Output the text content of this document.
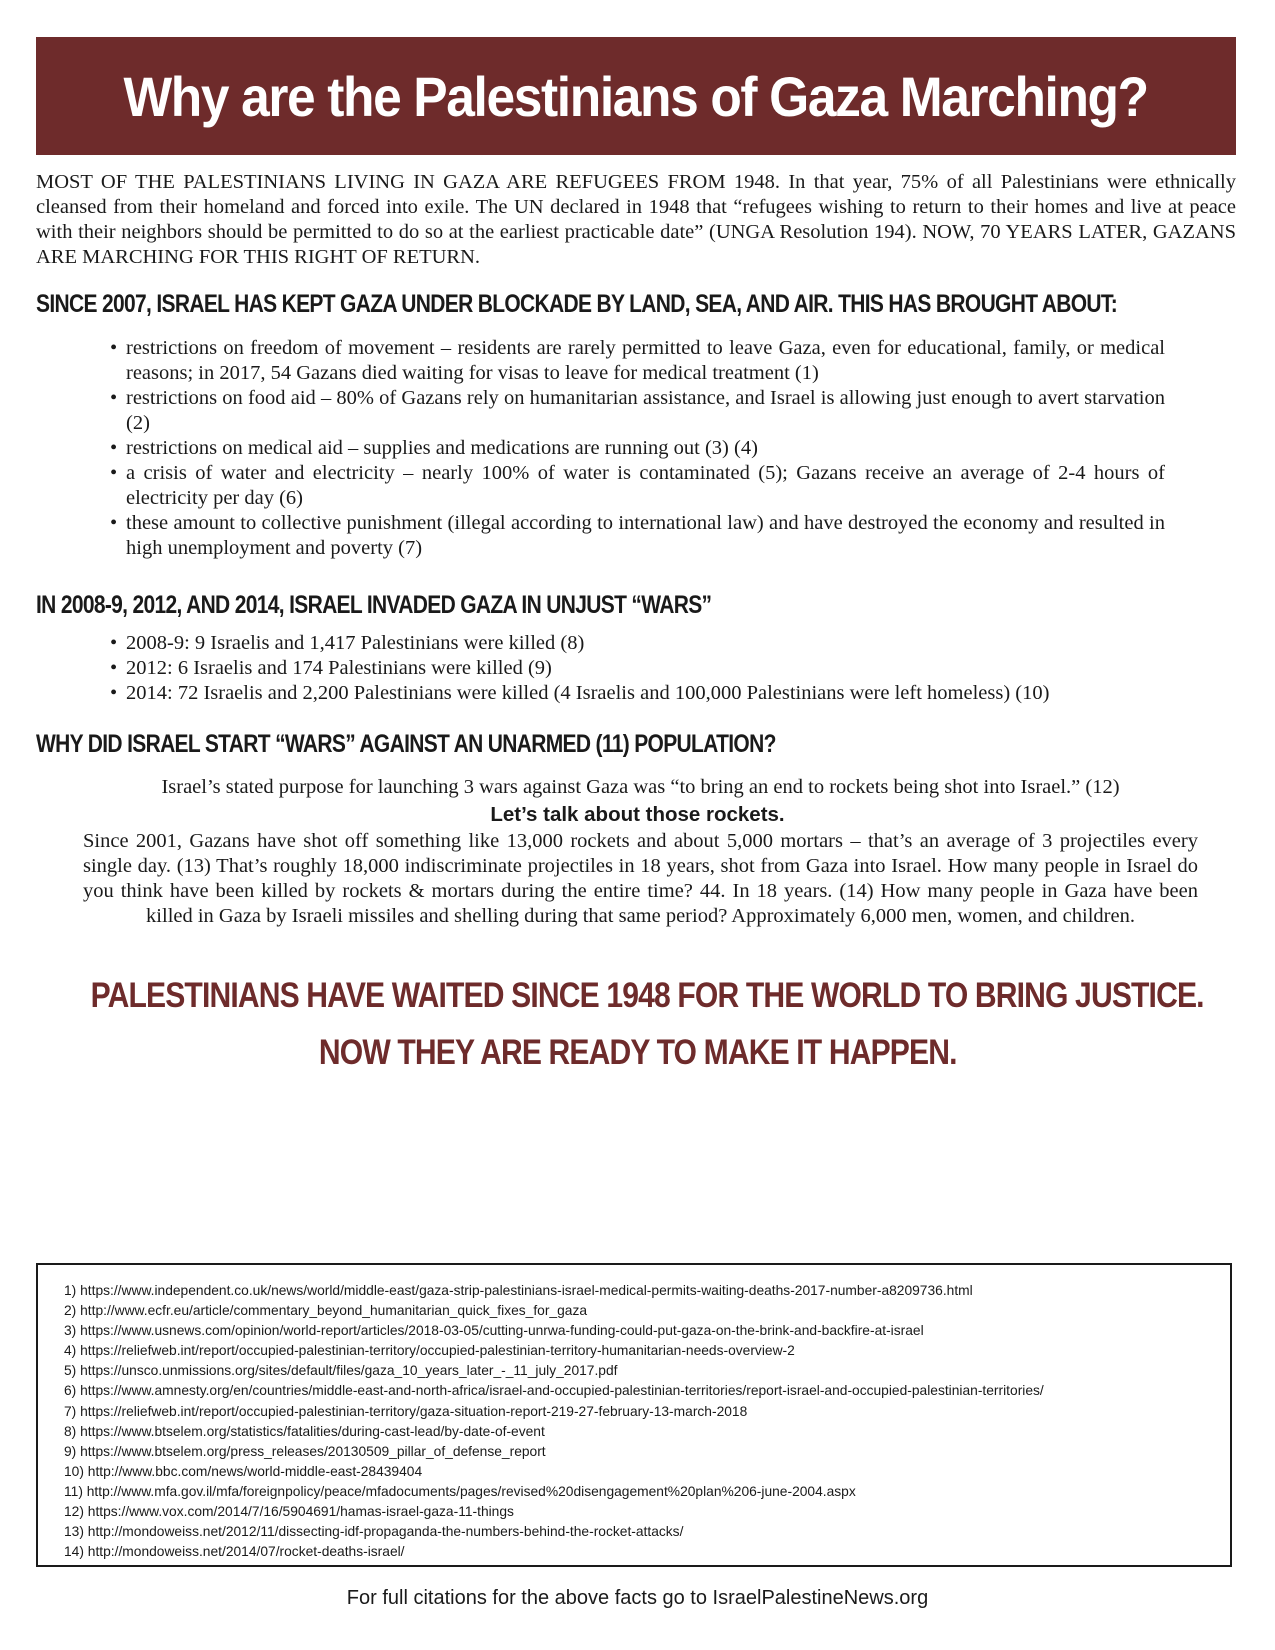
Why are the Palestinians of Gaza Marching?

MOST OF THE PALESTINIANS LIVING IN GAZA ARE REFUGEES FROM 1948. In that year, 75% of all Palestinians were ethnically cleansed from their homeland and forced into exile. The UN declared in 1948 that “refugees wishing to return to their homes and live at peace with their neighbors should be permitted to do so at the earliest practicable date” (UNGA Resolution 194). NOW, 70 YEARS LATER, GAZANS ARE MARCHING FOR THIS RIGHT OF RETURN.

SINCE 2007, ISRAEL HAS KEPT GAZA UNDER BLOCKADE BY LAND, SEA, AND AIR. THIS HAS BROUGHT ABOUT:
• restrictions on freedom of movement – residents are rarely permitted to leave Gaza, even for educational, family, or medical reasons; in 2017, 54 Gazans died waiting for visas to leave for medical treatment (1)
• restrictions on food aid – 80% of Gazans rely on humanitarian assistance, and Israel is allowing just enough to avert starvation (2)
• restrictions on medical aid – supplies and medications are running out (3) (4)
• a crisis of water and electricity – nearly 100% of water is contaminated (5); Gazans receive an average of 2-4 hours of electricity per day (6)
• these amount to collective punishment (illegal according to international law) and have destroyed the economy and resulted in high unemployment and poverty (7)
IN 2008-9, 2012, AND 2014, ISRAEL INVADED GAZA IN UNJUST “WARS”
• 2008-9: 9 Israelis and 1,417 Palestinians were killed (8)
• 2012: 6 Israelis and 174 Palestinians were killed (9)
• 2014: 72 Israelis and 2,200 Palestinians were killed (4 Israelis and 100,000 Palestinians were left homeless) (10)
WHY DID ISRAEL START “WARS” AGAINST AN UNARMED (11) POPULATION?

Israel’s stated purpose for launching 3 wars against Gaza was “to bring an end to rockets being shot into Israel.” (12)

Let’s talk about those rockets.

Since 2001, Gazans have shot off something like 13,000 rockets and about 5,000 mortars – that’s an average of 3 projectiles every single day. (13) That’s roughly 18,000 indiscriminate projectiles in 18 years, shot from Gaza into Israel. How many people in Israel do you think have been killed by rockets & mortars during the entire time? 44. In 18 years. (14) How many people in Gaza have been killed in Gaza by Israeli missiles and shelling during that same period? Approximately 6,000 men, women, and children.

PALESTINIANS HAVE WAITED SINCE 1948 FOR THE WORLD TO BRING JUSTICE.

NOW THEY ARE READY TO MAKE IT HAPPEN.

1) https://www.independent.co.uk/news/world/middle-east/gaza-strip-palestinians-israel-medical-permits-waiting-deaths-2017-number-a8209736.html
2) http://www.ecfr.eu/article/commentary_beyond_humanitarian_quick_fixes_for_gaza
3) https://www.usnews.com/opinion/world-report/articles/2018-03-05/cutting-unrwa-funding-could-put-gaza-on-the-brink-and-backfire-at-israel
4) https://reliefweb.int/report/occupied-palestinian-territory/occupied-palestinian-territory-humanitarian-needs-overview-2
5) https://unsco.unmissions.org/sites/default/files/gaza_10_years_later_-_11_july_2017.pdf
6) https://www.amnesty.org/en/countries/middle-east-and-north-africa/israel-and-occupied-palestinian-territories/report-israel-and-occupied-palestinian-territories/
7) https://reliefweb.int/report/occupied-palestinian-territory/gaza-situation-report-219-27-february-13-march-2018
8) https://www.btselem.org/statistics/fatalities/during-cast-lead/by-date-of-event
9) https://www.btselem.org/press_releases/20130509_pillar_of_defense_report
10) http://www.bbc.com/news/world-middle-east-28439404
11) http://www.mfa.gov.il/mfa/foreignpolicy/peace/mfadocuments/pages/revised%20disengagement%20plan%206-june-2004.aspx
12) https://www.vox.com/2014/7/16/5904691/hamas-israel-gaza-11-things
13) http://mondoweiss.net/2012/11/dissecting-idf-propaganda-the-numbers-behind-the-rocket-attacks/
14) http://mondoweiss.net/2014/07/rocket-deaths-israel/

For full citations for the above facts go to IsraelPalestineNews.org
